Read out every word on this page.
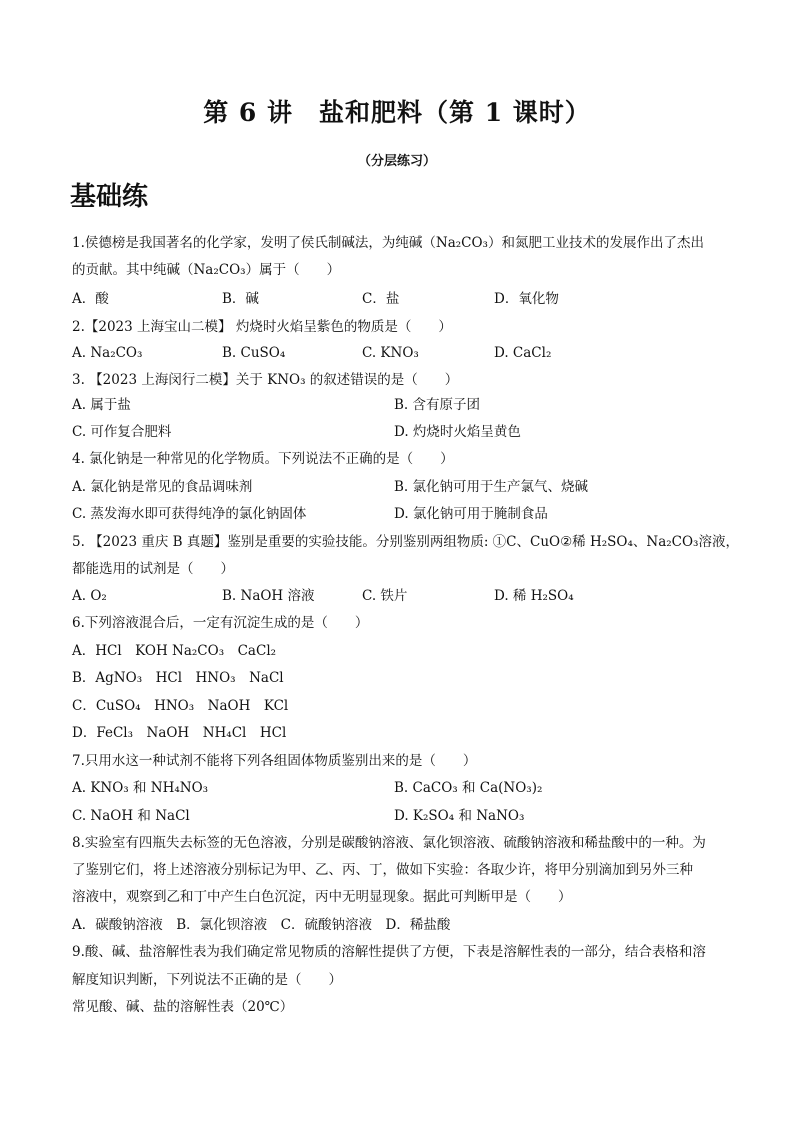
第 6 讲　盐和肥料（第 1 课时）
（分层练习）
基础练
1.侯德榜是我国著名的化学家，发明了侯氏制碱法，为纯碱（Na₂CO₃）和氮肥工业技术的发展作出了杰出
的贡献。其中纯碱（Na₂CO₃）属于（　　）
A．酸	B．碱	C．盐	D．氧化物
2.【2023 上海宝山二模】 灼烧时火焰呈紫色的物质是（　　）
A. Na₂CO₃	B. CuSO₄	C. KNO₃	D. CaCl₂
3. 【2023 上海闵行二模】关于 KNO₃ 的叙述错误的是（　　）
A. 属于盐	B. 含有原子团
C. 可作复合肥料	D. 灼烧时火焰呈黄色
4. 氯化钠是一种常见的化学物质。下列说法不正确的是（　　）
A. 氯化钠是常见的食品调味剂	B. 氯化钠可用于生产氯气、烧碱
C. 蒸发海水即可获得纯净的氯化钠固体	D. 氯化钠可用于腌制食品
5. 【2023 重庆 B 真题】鉴别是重要的实验技能。分别鉴别两组物质: ①C、CuO②稀 H₂SO₄、Na₂CO₃溶液，
都能选用的试剂是（　　）
A. O₂	B. NaOH 溶液	C. 铁片	D. 稀 H₂SO₄
6.下列溶液混合后，一定有沉淀生成的是（　　）
A．HCl　KOH Na₂CO₃　CaCl₂
B．AgNO₃　HCl　HNO₃　NaCl
C．CuSO₄　HNO₃　NaOH　KCl
D．FeCl₃　NaOH　NH₄Cl　HCl
7.只用水这一种试剂不能将下列各组固体物质鉴别出来的是（　　）
A. KNO₃ 和 NH₄NO₃	B. CaCO₃ 和 Ca(NO₃)₂
C. NaOH 和 NaCl	D. K₂SO₄ 和 NaNO₃
8.实验室有四瓶失去标签的无色溶液，分别是碳酸钠溶液、氯化钡溶液、硫酸钠溶液和稀盐酸中的一种。为
了鉴别它们，将上述溶液分别标记为甲、乙、丙、丁，做如下实验：各取少许，将甲分别滴加到另外三种
溶液中，观察到乙和丁中产生白色沉淀，丙中无明显现象。据此可判断甲是（　　）
A．碳酸钠溶液　B．氯化钡溶液　C．硫酸钠溶液　D．稀盐酸
9.酸、碱、盐溶解性表为我们确定常见物质的溶解性提供了方便，下表是溶解性表的一部分，结合表格和溶
解度知识判断，下列说法不正确的是（　　）
常见酸、碱、盐的溶解性表（20℃）
